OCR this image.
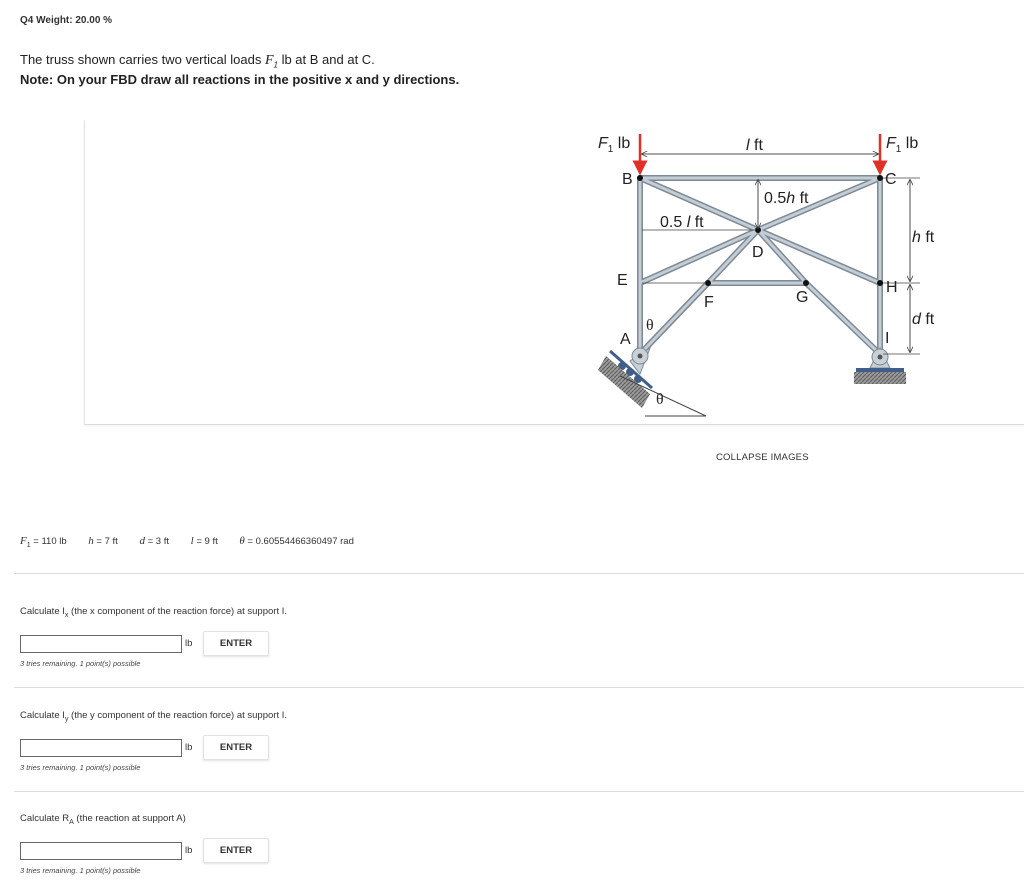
Q4 Weight: 20.00 %
The truss shown carries two vertical loads $F_1$ lb at B and at C.
Note: On your FBD draw all reactions in the positive x and y directions.
$F_1$ lb	$F_1$ lb
l ft
0.5h ft
0.5 l ft
h ft
d ft
B	C
D
E
F	G
H
A	I
θ
θ
COLLAPSE IMAGES
$F_1 = 110$ lb h = 7 ft d = 3 ft l = 9 ft θ = 0.60554466360497 rad
Calculate $I_x$ (the x component of the reaction force) at support I.
lb	ENTER
3 tries remaining. 1 point(s) possible
Calculate $I_y$ (the y component of the reaction force) at support I.
lb	ENTER
3 tries remaining. 1 point(s) possible
Calculate $R_A$ (the reaction at support A)
lb	ENTER
3 tries remaining. 1 point(s) possible
